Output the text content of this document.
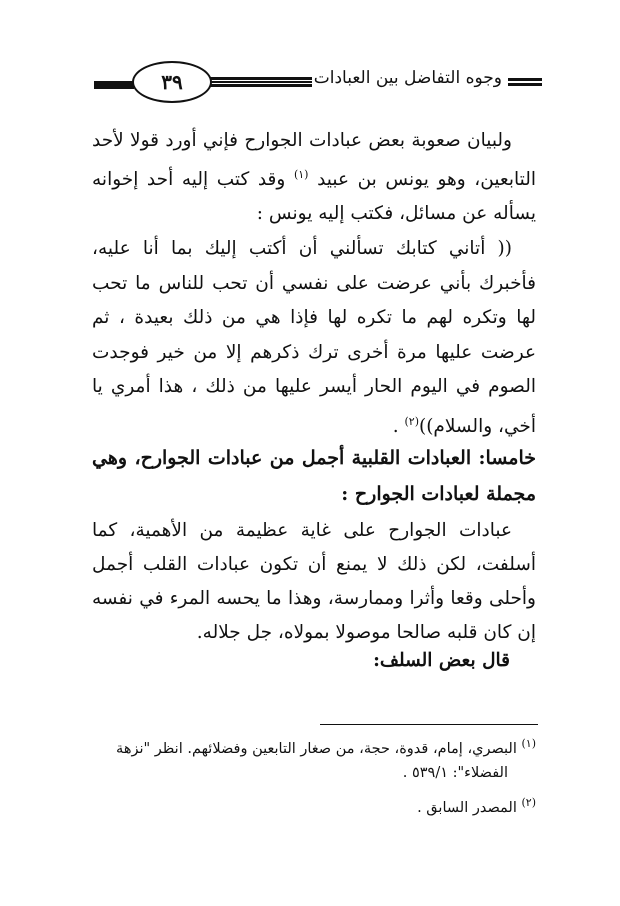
٣٩	وجوه التفاضل بين العبادات
ولبيان صعوبة بعض عبادات الجوارح فإني أورد قولا لأحد التابعين، وهو يونس بن عبيد $^{(١)}$ وقد كتب إليه أحد إخوانه يسأله عن مسائل، فكتب إليه يونس :
(( أتاني كتابك تسألني أن أكتب إليك بما أنا عليه، فأخبرك بأني عرضت على نفسي أن تحب للناس ما تحب لها وتكره لهم ما تكره لها فإذا هي من ذلك بعيدة ، ثم عرضت عليها مرة أخرى ترك ذكرهم إلا من خير فوجدت الصوم في اليوم الحار أيسر عليها من ذلك ، هذا أمري يا أخي، والسلام))$^{(٢)}$ .
خامسا: العبادات القلبية أجمل من عبادات الجوارح، وهي مجملة لعبادات الجوارح :
عبادات الجوارح على غاية عظيمة من الأهمية، كما أسلفت، لكن ذلك لا يمنع أن تكون عبادات القلب أجمل وأحلى وقعا وأثرا وممارسة، وهذا ما يحسه المرء في نفسه إن كان قلبه صالحا موصولا بمولاه، جل جلاله.
قال بعض السلف:
$^{(١)}$ البصري، إمام، قدوة، حجة، من صغار التابعين وفضلائهم. انظر "نزهة
الفضلاء": ٥٣٩/١ .
$^{(٢)}$ المصدر السابق .
